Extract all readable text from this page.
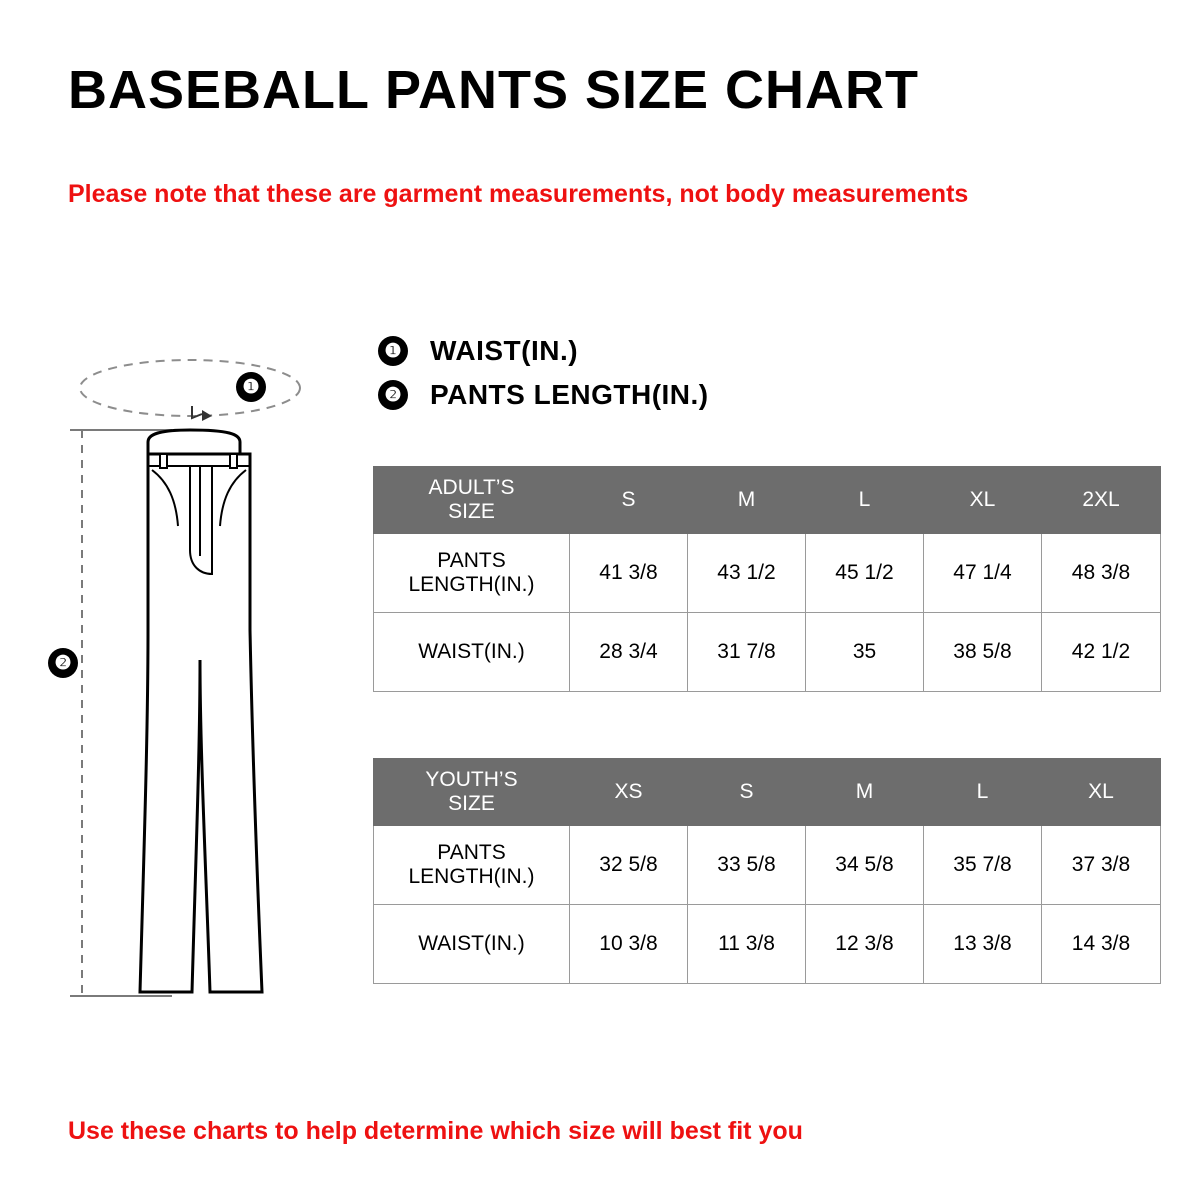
BASEBALL PANTS SIZE CHART
Please note that these are garment measurements, not body measurements
❶ WAIST(IN.)
❷ PANTS LENGTH(IN.)
❶
❷
ADULT’S
SIZE	S	M	L	XL	2XL

PANTS
LENGTH(IN.)	41 3/8	43 1/2	45 1/2	47 1/4	48 3/8
WAIST(IN.)	28 3/4	31 7/8	35	38 5/8	42 1/2
YOUTH’S
SIZE	XS	S	M	L	XL

PANTS
LENGTH(IN.)	32 5/8	33 5/8	34 5/8	35 7/8	37 3/8
WAIST(IN.)	10 3/8	11 3/8	12 3/8	13 3/8	14 3/8
Use these charts to help determine which size will best fit you
